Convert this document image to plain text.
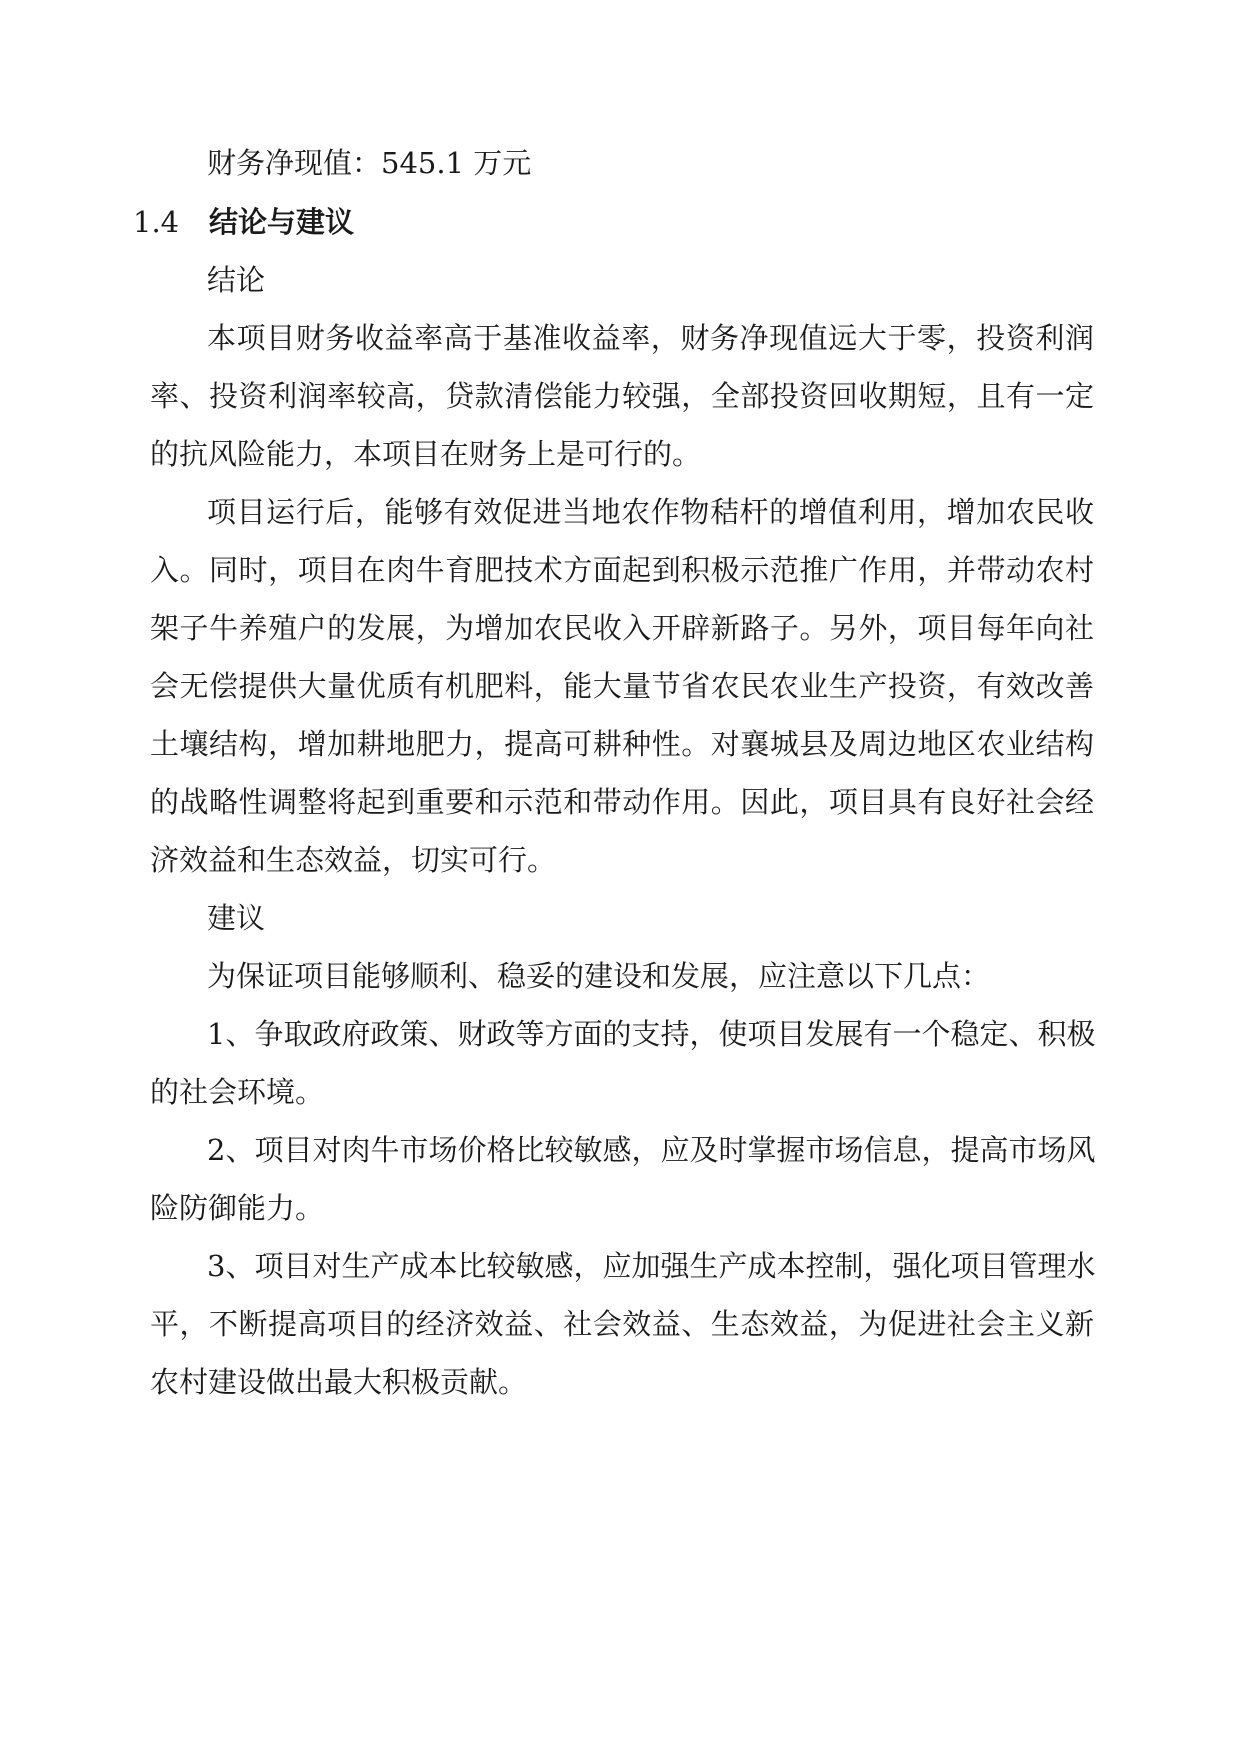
财务净现值：545.1 万元
1.4 结论与建议
结论
本项目财务收益率高于基准收益率，财务净现值远大于零，投资利润
率、投资利润率较高，贷款清偿能力较强，全部投资回收期短，且有一定
的抗风险能力，本项目在财务上是可行的。
项目运行后，能够有效促进当地农作物秸杆的增值利用，增加农民收
入。同时，项目在肉牛育肥技术方面起到积极示范推广作用，并带动农村
架子牛养殖户的发展，为增加农民收入开辟新路子。另外，项目每年向社
会无偿提供大量优质有机肥料，能大量节省农民农业生产投资，有效改善
土壤结构，增加耕地肥力，提高可耕种性。对襄城县及周边地区农业结构
的战略性调整将起到重要和示范和带动作用。因此，项目具有良好社会经
济效益和生态效益，切实可行。
建议
为保证项目能够顺利、稳妥的建设和发展，应注意以下几点：
1、争取政府政策、财政等方面的支持，使项目发展有一个稳定、积极
的社会环境。
2、项目对肉牛市场价格比较敏感，应及时掌握市场信息，提高市场风
险防御能力。
3、项目对生产成本比较敏感，应加强生产成本控制，强化项目管理水
平，不断提高项目的经济效益、社会效益、生态效益，为促进社会主义新
农村建设做出最大积极贡献。
